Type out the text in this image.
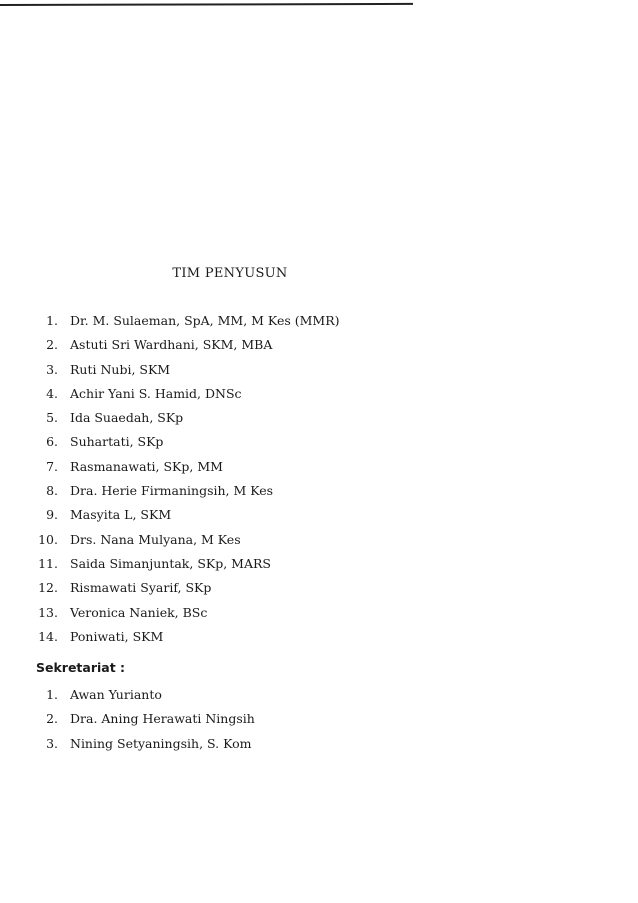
TIM PENYUSUN
1. Dr. M. Sulaeman, SpA, MM, M Kes (MMR)
2. Astuti Sri Wardhani, SKM, MBA
3. Ruti Nubi, SKM
4. Achir Yani S. Hamid, DNSc
5. Ida Suaedah, SKp
6. Suhartati, SKp
7. Rasmanawati, SKp, MM
8. Dra. Herie Firmaningsih, M Kes
9. Masyita L, SKM
10. Drs. Nana Mulyana, M Kes
11. Saida Simanjuntak, SKp, MARS
12. Rismawati Syarif, SKp
13. Veronica Naniek, BSc
14. Poniwati, SKM
Sekretariat :
1. Awan Yurianto
2. Dra. Aning Herawati Ningsih
3. Nining Setyaningsih, S. Kom
